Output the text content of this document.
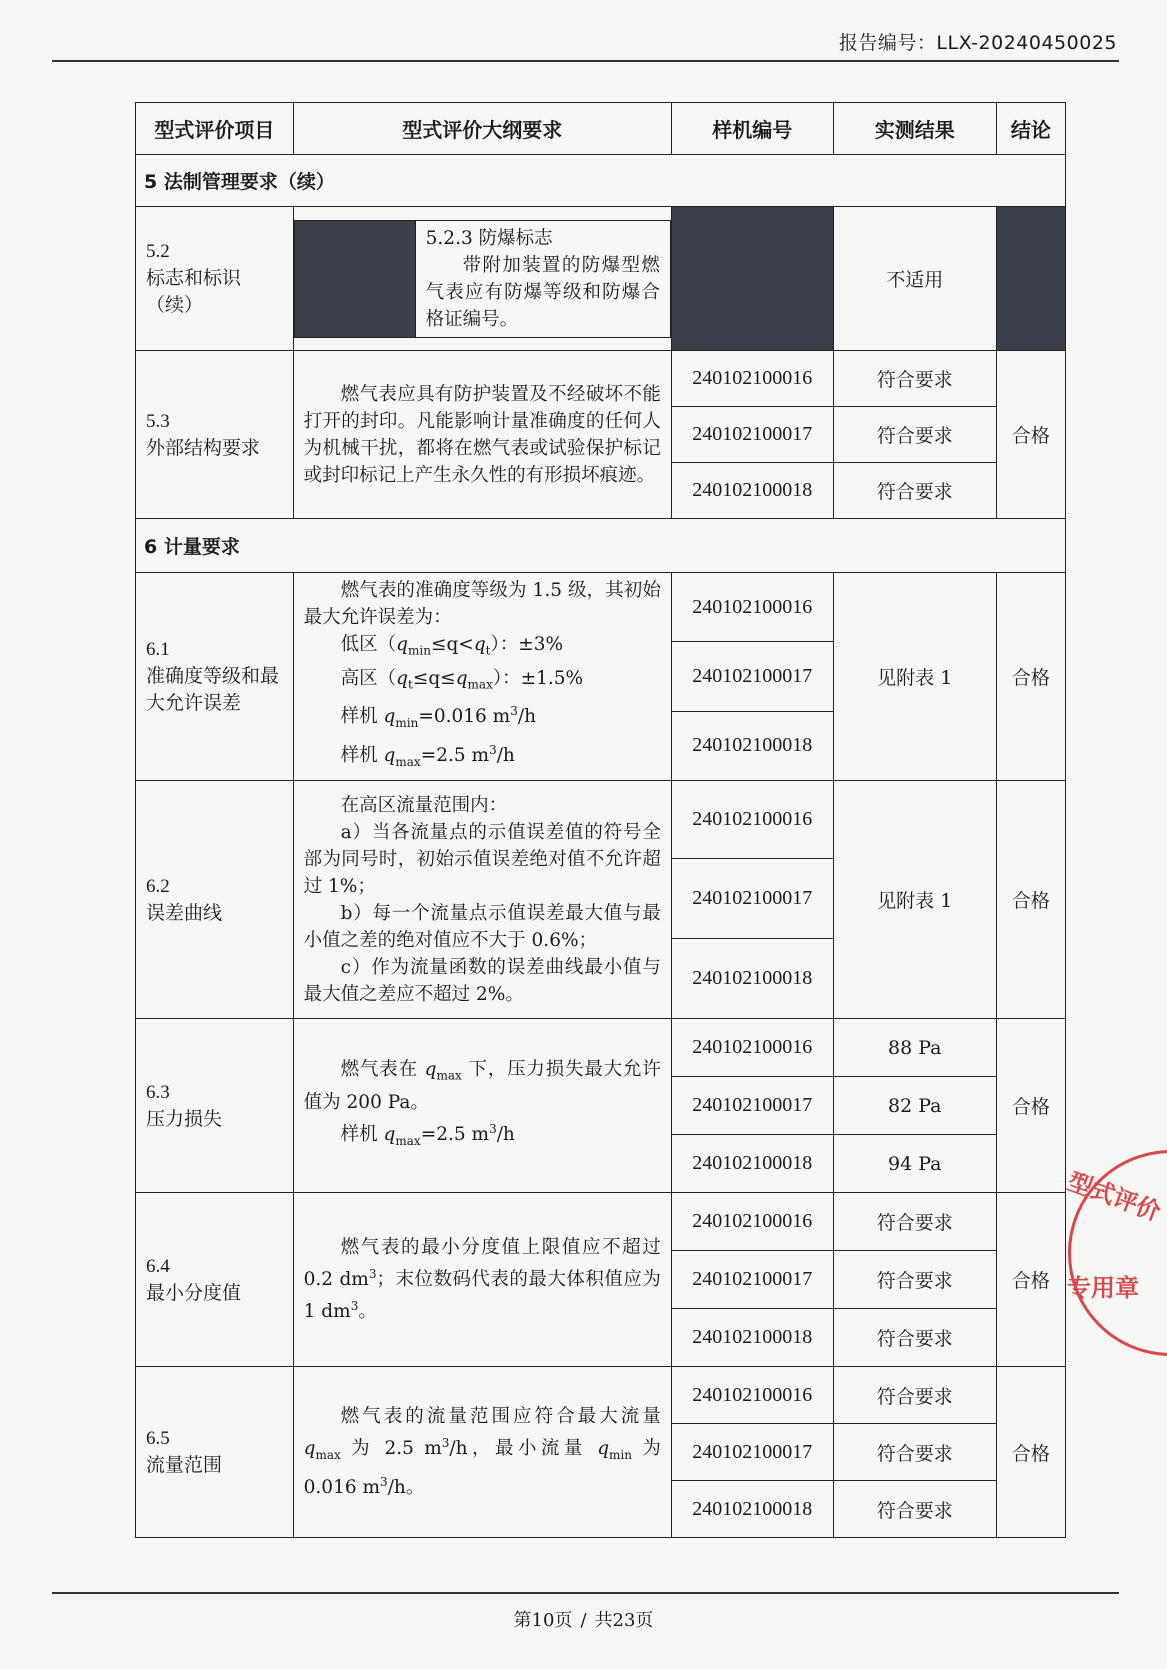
报告编号：LLX-20240450025
型式评价项目	型式评价大纲要求	样机编号	实测结果	结论
5 法制管理要求（续）

5.2
标志和标识
（续）

5.2.3 防爆标志

带附加装置的防爆型燃气表应有防爆等级和防爆合格证编号。

		不适用	

5.3
外部结构要求

燃气表应具有防护装置及不经破坏不能打开的封印。凡能影响计量准确度的任何人为机械干扰，都将在燃气表或试验保护标记或封印标记上产生永久性的有形损坏痕迹。

	240102100016	符合要求	合格
240102100017	符合要求
240102100018	符合要求
6 计量要求

6.1
准确度等级和最大允许误差

燃气表的准确度等级为 1.5 级，其初始最大允许误差为：

低区$(q_{min}\le q<q_t)$：±3%

高区$(q_t\le q\le q_{max})$：±1.5%

样机 $q_{min}=0.016$ $m^3/h$

样机 $q_{max}=2.5$ $m^3/h$

	240102100016	见附表 1	合格
240102100017
240102100018

6.2
误差曲线

在高区流量范围内：

a）当各流量点的示值误差值的符号全部为同号时，初始示值误差绝对值不允许超过 1%；

b）每一个流量点示值误差最大值与最小值之差的绝对值应不大于 0.6%；

c）作为流量函数的误差曲线最小值与最大值之差应不超过 2%。

	240102100016	见附表 1	合格
240102100017
240102100018

6.3
压力损失

燃气表在 $q_{max}$ 下，压力损失最大允许值为 200 Pa。

样机 $q_{max}=2.5$ $m^3/h$

	240102100016	88 Pa	合格
240102100017	82 Pa
240102100018	94 Pa

6.4
最小分度值

燃气表的最小分度值上限值应不超过 0.2 $dm^3$；末位数码代表的最大体积值应为 1 $dm^3$。

	240102100016	符合要求	合格
240102100017	符合要求
240102100018	符合要求

6.5
流量范围

燃气表的流量范围应符合最大流量 $q_{max}$ 为 2.5 $m^3/h$，最小流量 $q_{min}$ 为 0.016 $m^3/h$。

	240102100016	符合要求	合格
240102100017	符合要求
240102100018	符合要求
型式评价
专用章
第10页 / 共23页
